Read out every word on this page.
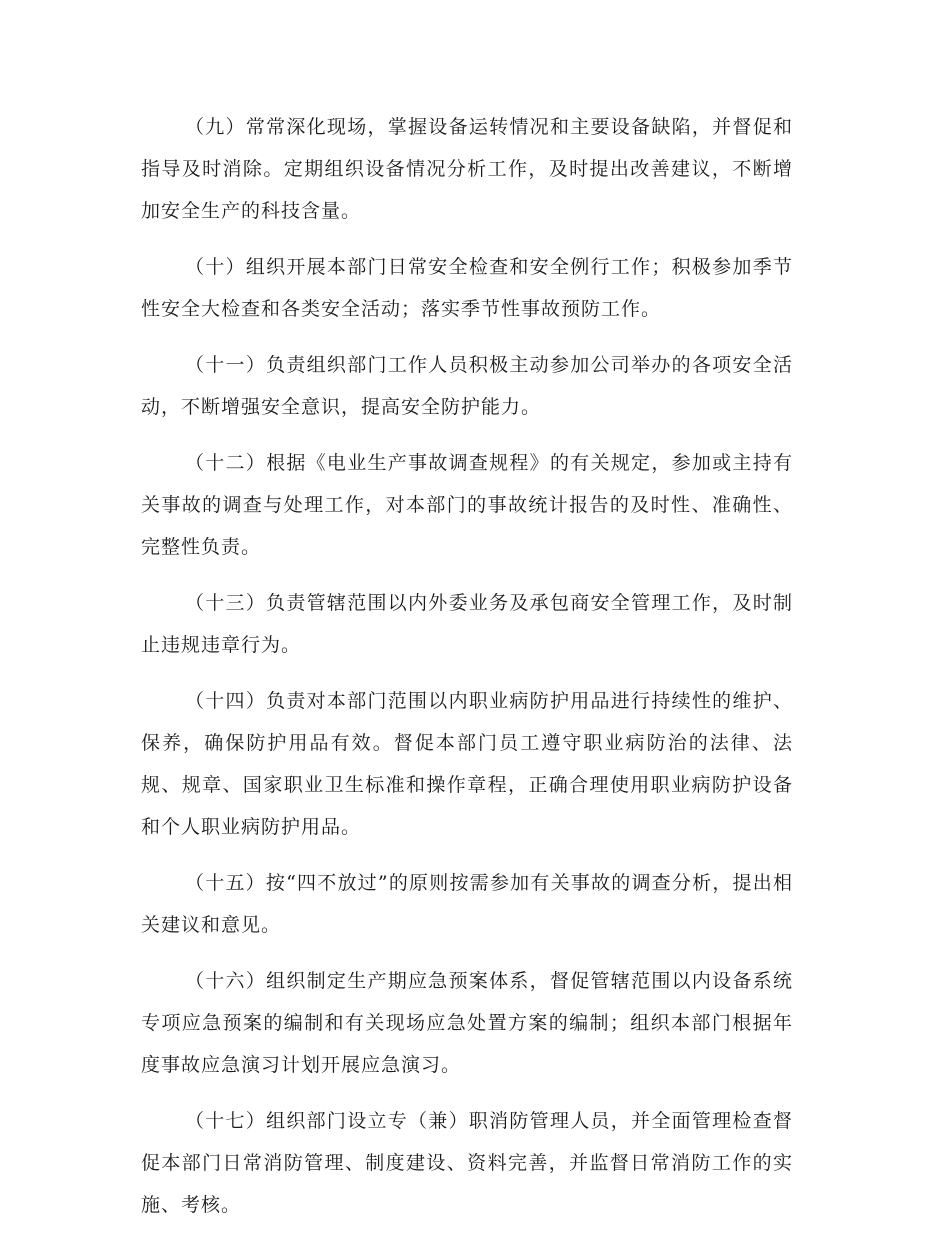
（九）常常深化现场，掌握设备运转情况和主要设备缺陷，并督促和指导及时消除。定期组织设备情况分析工作，及时提出改善建议，不断增加安全生产的科技含量。

（十）组织开展本部门日常安全检查和安全例行工作；积极参加季节性安全大检查和各类安全活动；落实季节性事故预防工作。

（十一）负责组织部门工作人员积极主动参加公司举办的各项安全活动，不断增强安全意识，提高安全防护能力。

（十二）根据《电业生产事故调查规程》的有关规定，参加或主持有关事故的调查与处理工作，对本部门的事故统计报告的及时性、准确性、完整性负责。

（十三）负责管辖范围以内外委业务及承包商安全管理工作，及时制止违规违章行为。

（十四）负责对本部门范围以内职业病防护用品进行持续性的维护、保养，确保防护用品有效。督促本部门员工遵守职业病防治的法律、法规、规章、国家职业卫生标准和操作章程，正确合理使用职业病防护设备和个人职业病防护用品。

（十五）按“四不放过”的原则按需参加有关事故的调查分析，提出相关建议和意见。

（十六）组织制定生产期应急预案体系，督促管辖范围以内设备系统专项应急预案的编制和有关现场应急处置方案的编制；组织本部门根据年度事故应急演习计划开展应急演习。

（十七）组织部门设立专（兼）职消防管理人员，并全面管理检查督促本部门日常消防管理、制度建设、资料完善，并监督日常消防工作的实施、考核。
